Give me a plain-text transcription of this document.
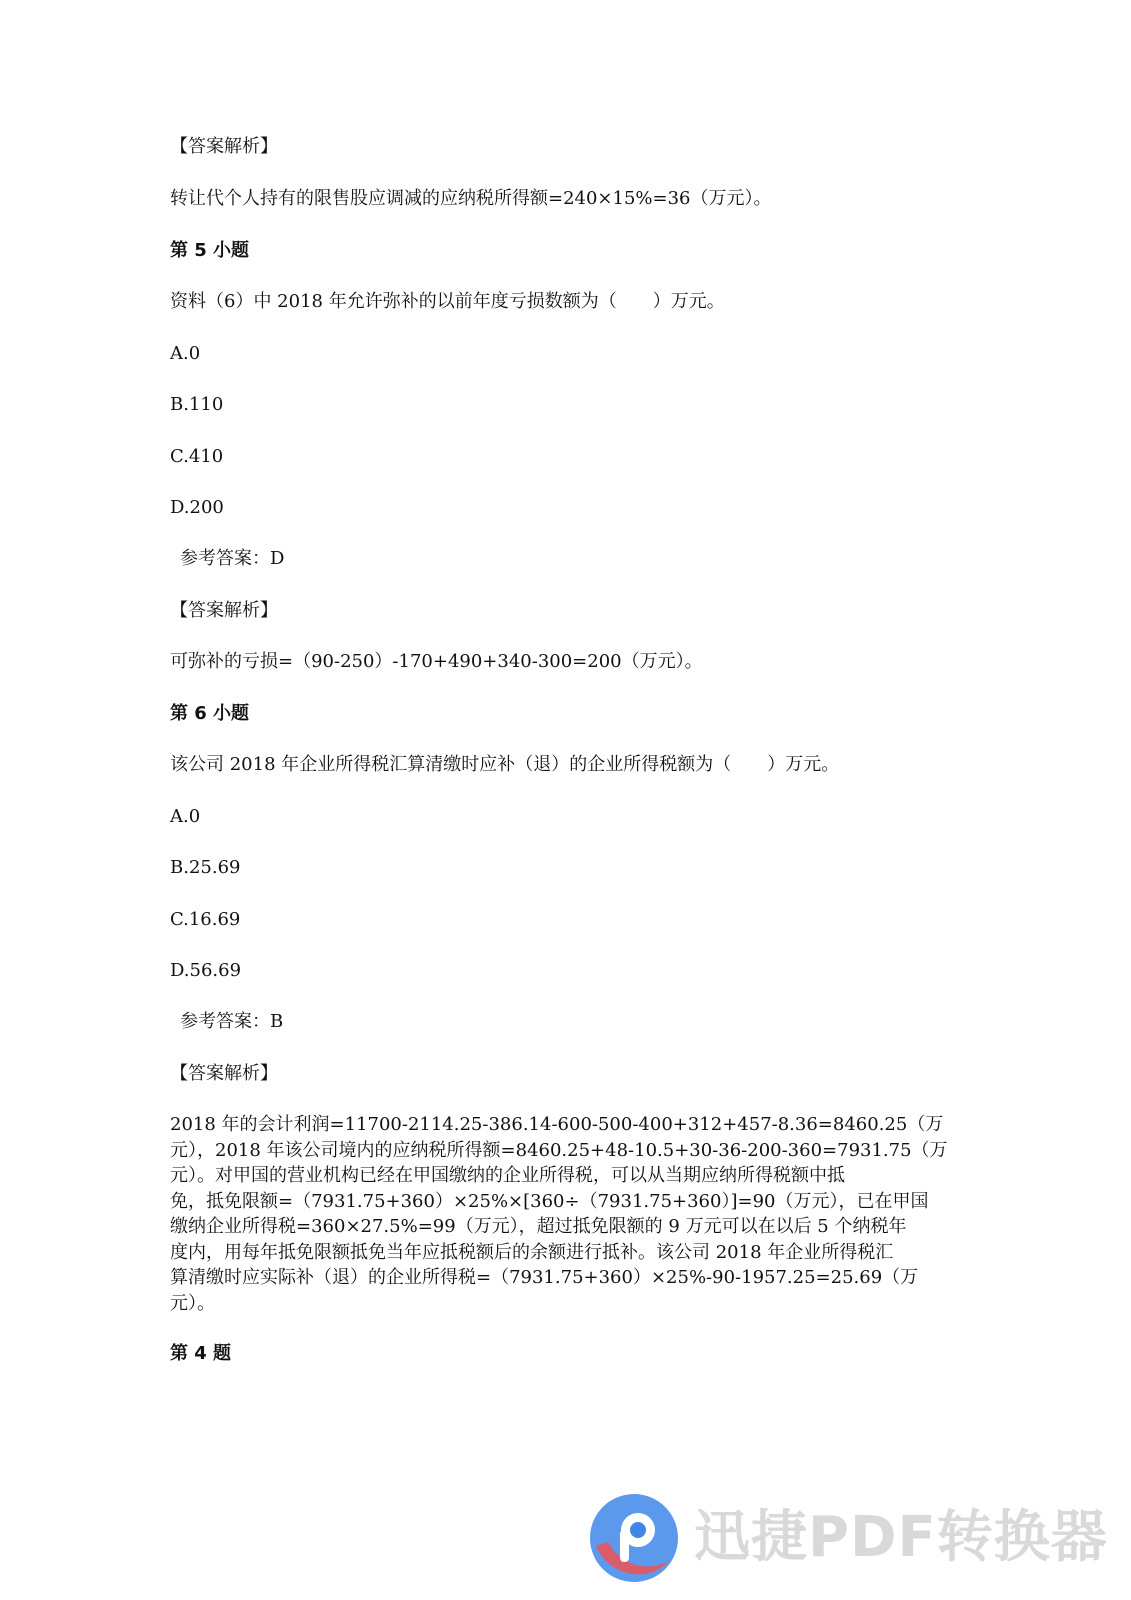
【答案解析】
转让代个人持有的限售股应调减的应纳税所得额=240×15%=36（万元）。
第 5 小题
资料（6）中 2018 年允许弥补的以前年度亏损数额为（　　）万元。
A.0
B.110
C.410
D.200
参考答案：D
【答案解析】
可弥补的亏损=（90-250）-170+490+340-300=200（万元）。
第 6 小题
该公司 2018 年企业所得税汇算清缴时应补（退）的企业所得税额为（　　）万元。
A.0
B.25.69
C.16.69
D.56.69
参考答案：B
【答案解析】
2018 年的会计利润=11700-2114.25-386.14-600-500-400+312+457-8.36=8460.25（万
元），2018 年该公司境内的应纳税所得额=8460.25+48-10.5+30-36-200-360=7931.75（万
元）。对甲国的营业机构已经在甲国缴纳的企业所得税，可以从当期应纳所得税额中抵
免，抵免限额=（7931.75+360）×25%×[360÷（7931.75+360）]=90（万元），已在甲国
缴纳企业所得税=360×27.5%=99（万元），超过抵免限额的 9 万元可以在以后 5 个纳税年
度内，用每年抵免限额抵免当年应抵税额后的余额进行抵补。该公司 2018 年企业所得税汇
算清缴时应实际补（退）的企业所得税=（7931.75+360）×25%-90-1957.25=25.69（万
元）。
第 4 题
迅捷PDF转换器
